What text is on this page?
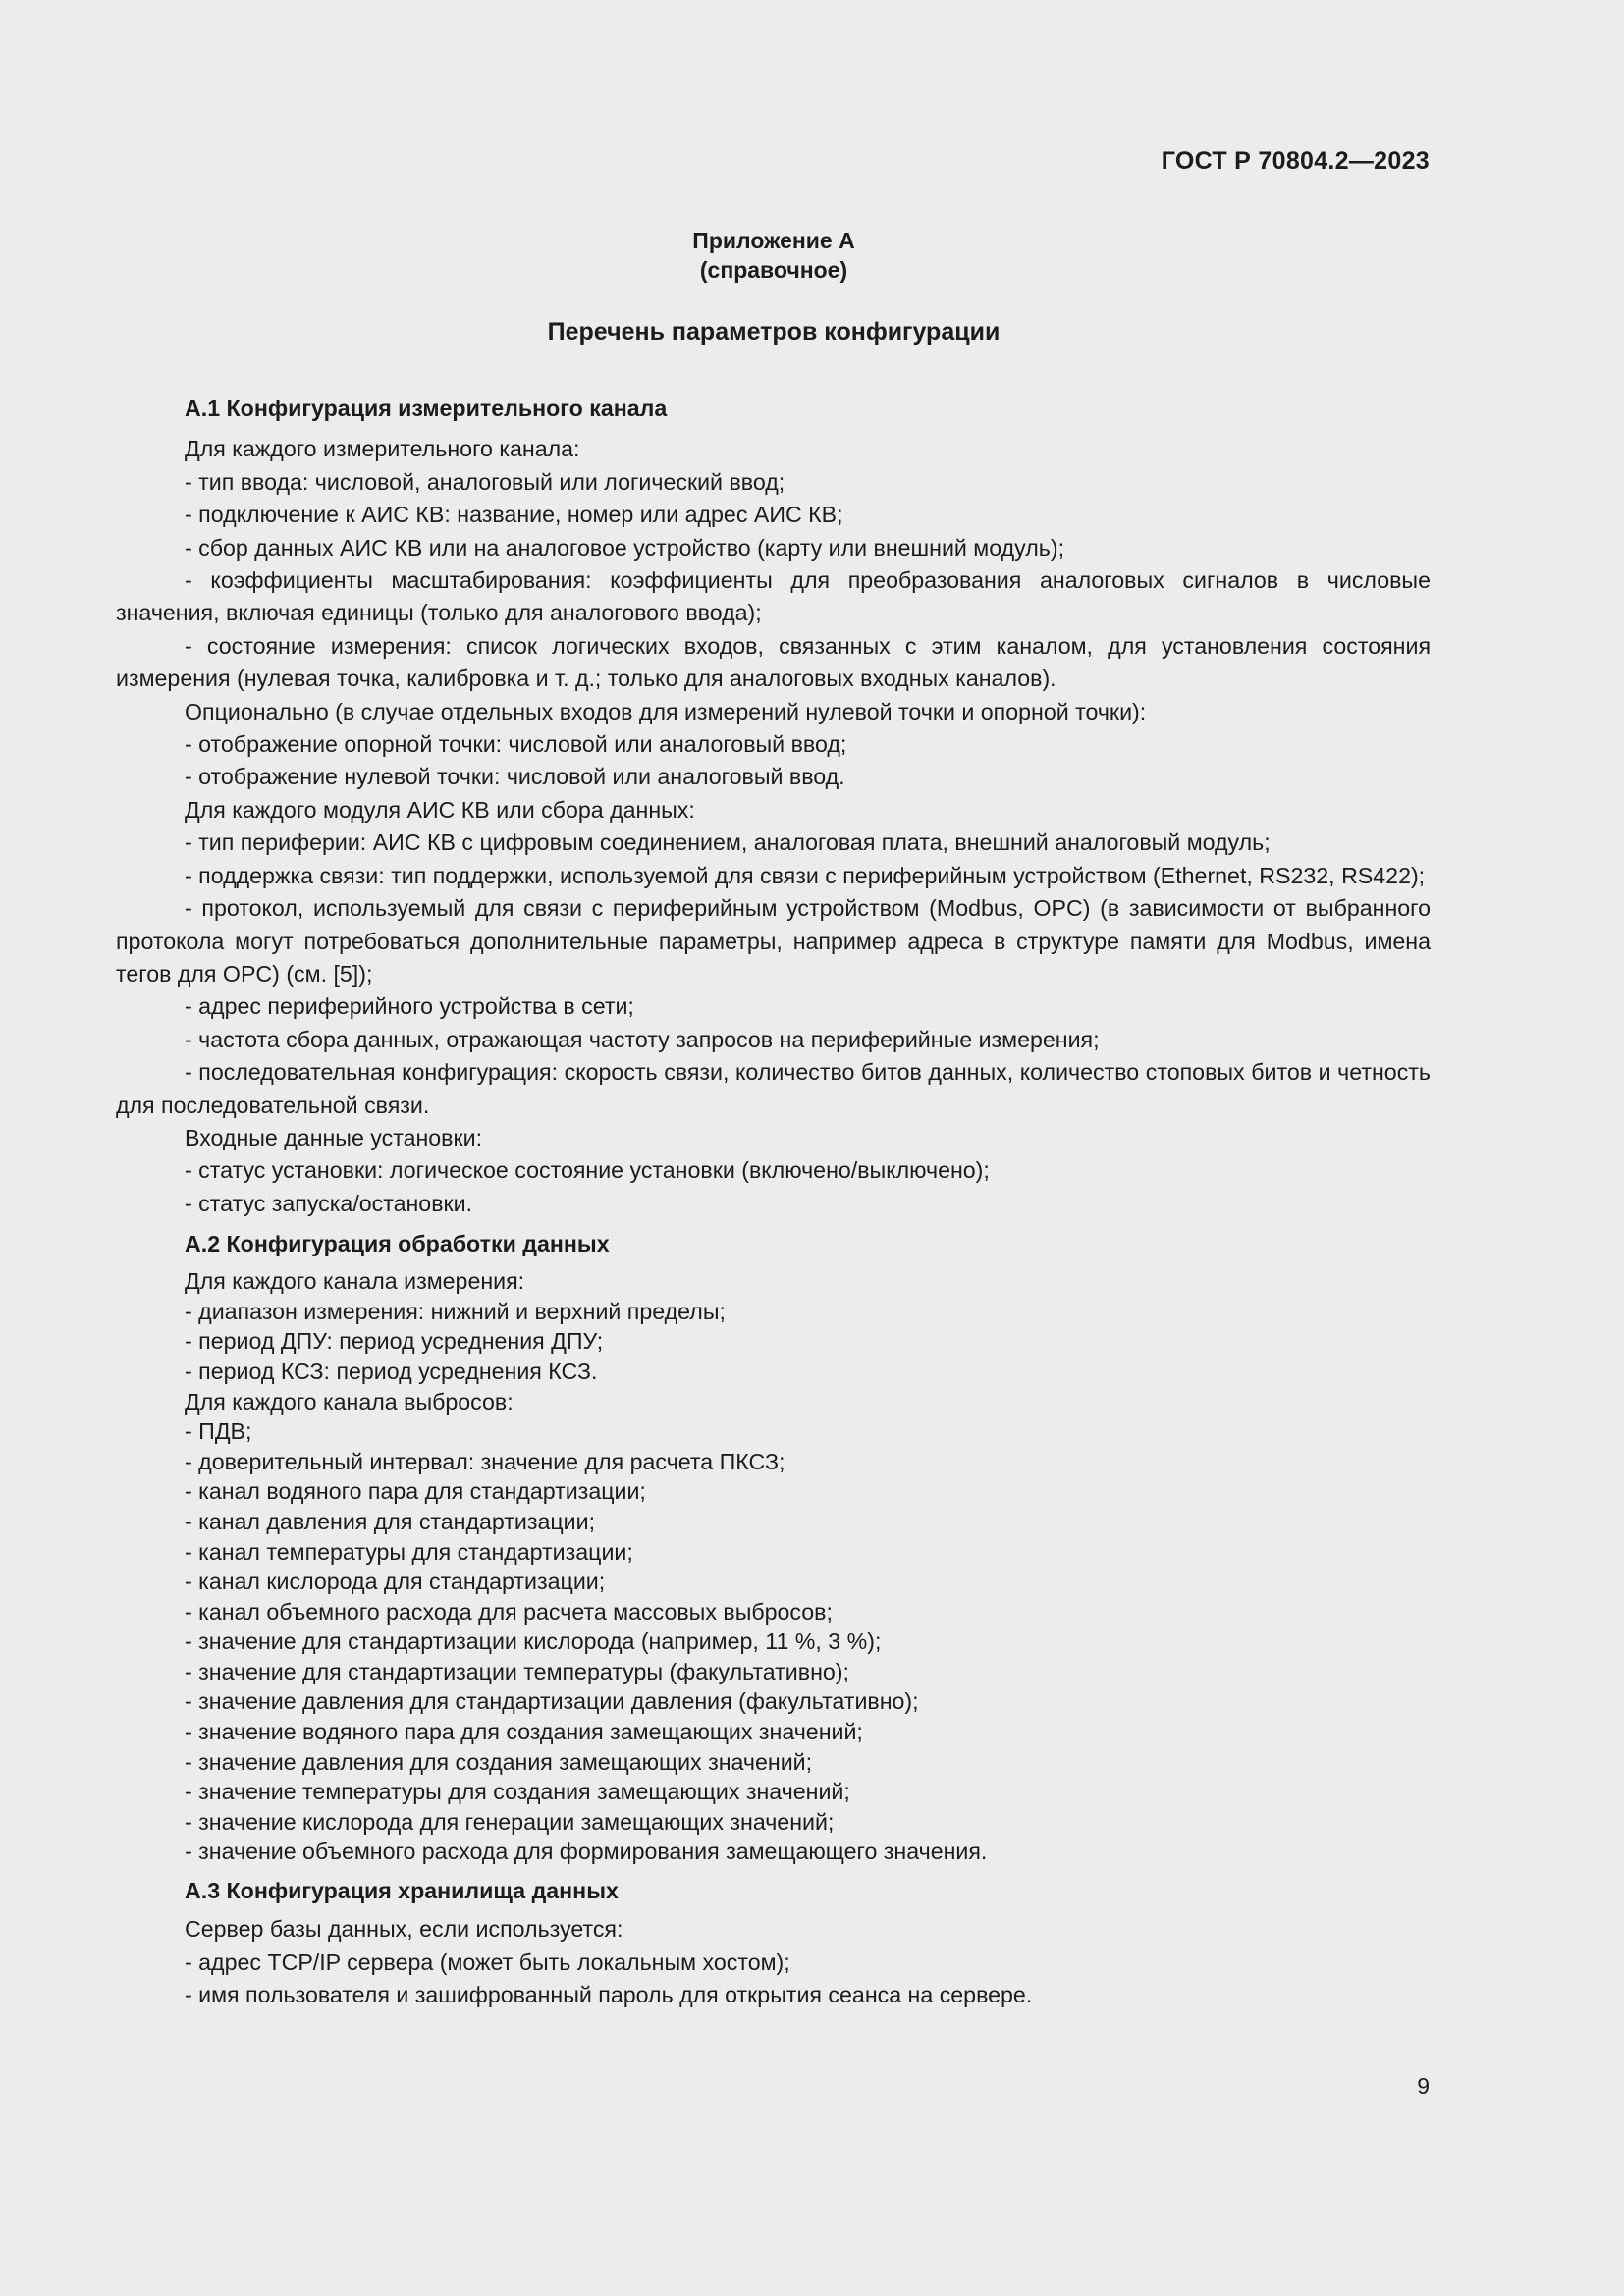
ГОСТ Р 70804.2—2023
Приложение А
(справочное)
Перечень параметров конфигурации

А.1 Конфигурация измерительного канала

Для каждого измерительного канала:

- тип ввода: числовой, аналоговый или логический ввод;

- подключение к АИС КВ: название, номер или адрес АИС КВ;

- сбор данных АИС КВ или на аналоговое устройство (карту или внешний модуль);

- коэффициенты масштабирования: коэффициенты для преобразования аналоговых сигналов в числовые значения, включая единицы (только для аналогового ввода);

- состояние измерения: список логических входов, связанных с этим каналом, для установления состояния измерения (нулевая точка, калибровка и т. д.; только для аналоговых входных каналов).

Опционально (в случае отдельных входов для измерений нулевой точки и опорной точки):

- отображение опорной точки: числовой или аналоговый ввод;

- отображение нулевой точки: числовой или аналоговый ввод.

Для каждого модуля АИС КВ или сбора данных:

- тип периферии: АИС КВ с цифровым соединением, аналоговая плата, внешний аналоговый модуль;

- поддержка связи: тип поддержки, используемой для связи с периферийным устройством (Ethernet, RS232, RS422);

- протокол, используемый для связи с периферийным устройством (Modbus, OPC) (в зависимости от выбранного протокола могут потребоваться дополнительные параметры, например адреса в структуре памяти для Modbus, имена тегов для OPC) (см. [5]);

- адрес периферийного устройства в сети;

- частота сбора данных, отражающая частоту запросов на периферийные измерения;

- последовательная конфигурация: скорость связи, количество битов данных, количество стоповых битов и четность для последовательной связи.

Входные данные установки:

- статус установки: логическое состояние установки (включено/выключено);

- статус запуска/остановки.

А.2 Конфигурация обработки данных

Для каждого канала измерения:

- диапазон измерения: нижний и верхний пределы;

- период ДПУ: период усреднения ДПУ;

- период КСЗ: период усреднения КСЗ.

Для каждого канала выбросов:

- ПДВ;

- доверительный интервал: значение для расчета ПКСЗ;

- канал водяного пара для стандартизации;

- канал давления для стандартизации;

- канал температуры для стандартизации;

- канал кислорода для стандартизации;

- канал объемного расхода для расчета массовых выбросов;

- значение для стандартизации кислорода (например, 11 %, 3 %);

- значение для стандартизации температуры (факультативно);

- значение давления для стандартизации давления (факультативно);

- значение водяного пара для создания замещающих значений;

- значение давления для создания замещающих значений;

- значение температуры для создания замещающих значений;

- значение кислорода для генерации замещающих значений;

- значение объемного расхода для формирования замещающего значения.

А.3 Конфигурация хранилища данных

Сервер базы данных, если используется:

- адрес TCP/IP сервера (может быть локальным хостом);

- имя пользователя и зашифрованный пароль для открытия сеанса на сервере.

9
